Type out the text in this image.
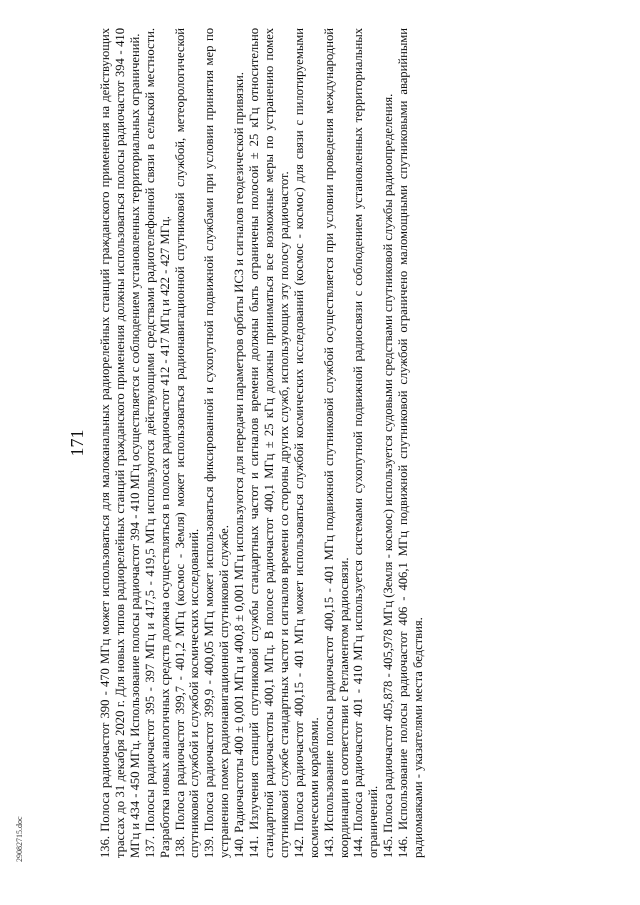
171 136. Полоса радиочастот 390 - 470 МГц может использоваться для малоканальных радиорелейных станций гражданского применения на действующих трассах до 31 декабря 2020 г. Для новых типов радиорелейных станций гражданского применения должны использоваться полосы радиочастот 394 - 410 МГц и 434 - 450 МГц. Использование полосы радиочастот 394 - 410 МГц осуществляется с соблюдением установленных территориальных ограничений. 137. Полосы радиочастот 395 - 397 МГц и 417,5 - 419,5 МГц используются действующими средствами радиотелефонной связи в сельской местности. Разработка новых аналогичных средств должна осуществляться в полосах радиочастот 412 - 417 МГц и 422 - 427 МГц. 138. Полоса радиочастот 399,7 - 401,2 МГц (космос - Земля) может использоваться радионавигационной спутниковой службой, метеорологической спутниковой службой и службой космических исследований. 139. Полоса радиочастот 399,9 - 400,05 МГц может использоваться фиксированной и сухопутной подвижной службами при условии принятия мер по устранению помех радионавигационной спутниковой службе. 140. Радиочастоты 400 ± 0,001 МГц и 400,8 ± 0,001 МГц используются для передачи параметров орбиты ИСЗ и сигналов геодезической привязки. 141. Излучения станций спутниковой службы стандартных частот и сигналов времени должны быть ограничены полосой ± 25 кГц относительно стандартной радиочастоты 400,1 МГц. В полосе радиочастот 400,1 МГц ± 25 кГц должны приниматься все возможные меры по устранению помех спутниковой службе стандартных частот и сигналов времени со стороны других служб, использующих эту полосу радиочастот. 142. Полоса радиочастот 400,15 - 401 МГц может использоваться службой космических исследований (космос - космос) для связи с пилотируемыми космическими кораблями. 143. Использование полосы радиочастот 400,15 - 401 МГц подвижной спутниковой службой осуществляется при условии проведения международной координации в соответствии с Регламентом радиосвязи. 144. Полоса радиочастот 401 - 410 МГц используется системами сухопутной подвижной радиосвязи с соблюдением установленных территориальных ограничений. 145. Полоса радиочастот 405,878 - 405,978 МГц (Земля - космос) используется судовыми средствами спутниковой службы радиоопределения. 146. Использование полосы радиочастот 406 - 406,1 МГц подвижной спутниковой службой ограничено маломощными спутниковыми аварийными радиомаяками - указателями места бедствия.

29082715.doc
